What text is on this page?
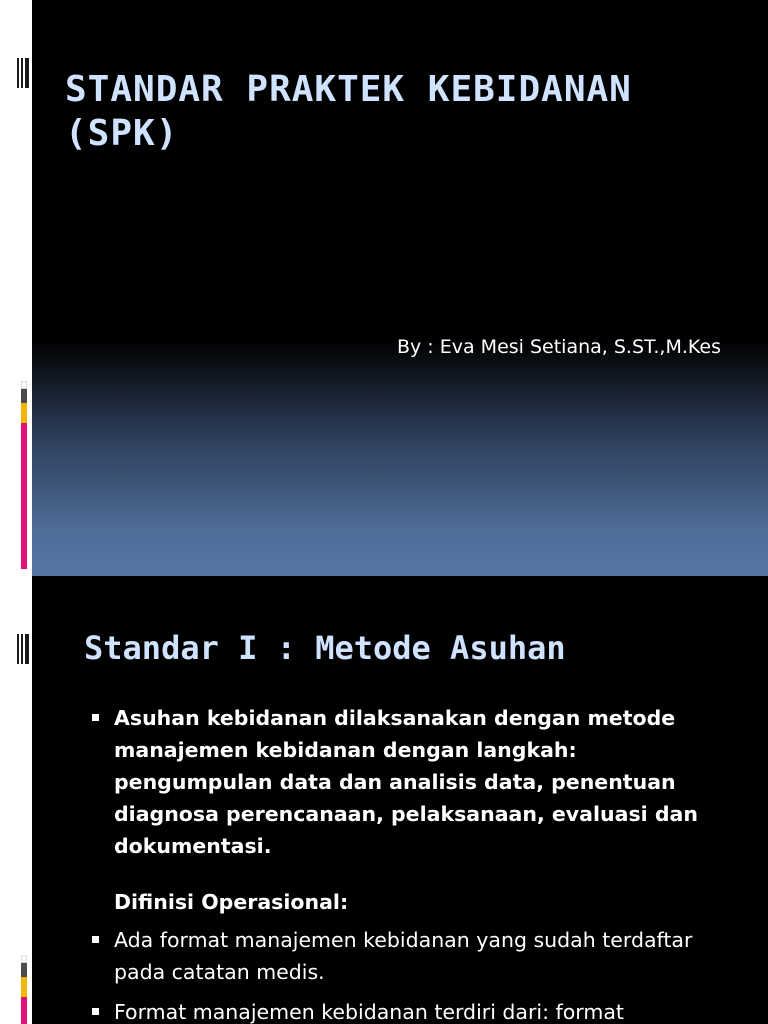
STANDAR PRAKTEK KEBIDANAN (SPK)

By : Eva Mesi Setiana, S.ST.,M.Kes

Standar I : Metode Asuhan

Asuhan kebidanan dilaksanakan dengan metode manajemen kebidanan dengan langkah: pengumpulan data dan analisis data, penentuan diagnosa perencanaan, pelaksanaan, evaluasi dan dokumentasi.

Difinisi Operasional:

Ada format manajemen kebidanan yang sudah terdaftar pada catatan medis.

Format manajemen kebidanan terdiri dari: format
